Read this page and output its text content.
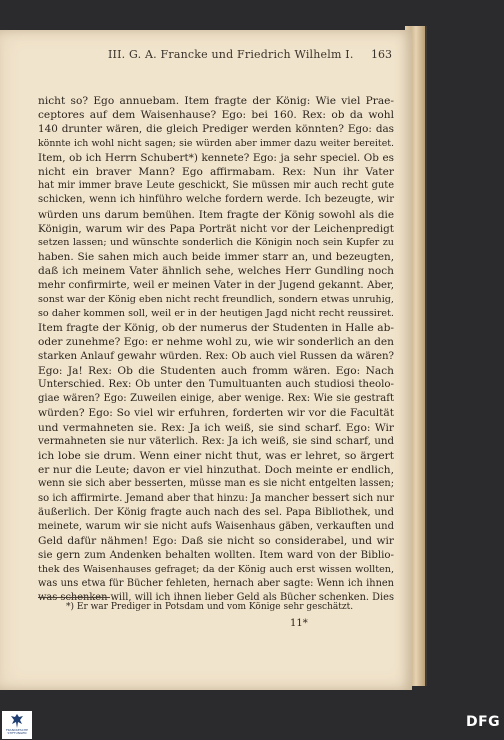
III. G. A. Francke und Friedrich Wilhelm I. 163

nicht so? Ego annuebam. Item fragte der König: Wie viel Prae-

ceptores auf dem Waisenhause? Ego: bei 160. Rex: ob da wohl

140 drunter wären, die gleich Prediger werden könnten? Ego: das

könnte ich wohl nicht sagen; sie würden aber immer dazu weiter bereitet.

Item, ob ich Herrn Schubert*) kennete? Ego: ja sehr speciel. Ob es

nicht ein braver Mann? Ego affirmabam. Rex: Nun ihr Vater

hat mir immer brave Leute geschickt, Sie müssen mir auch recht gute

schicken, wenn ich hinführo welche fordern werde. Ich bezeugte, wir

würden uns darum bemühen. Item fragte der König sowohl als die

Königin, warum wir des Papa Porträt nicht vor der Leichenpredigt

setzen lassen; und wünschte sonderlich die Königin noch sein Kupfer zu

haben. Sie sahen mich auch beide immer starr an, und bezeugten,

daß ich meinem Vater ähnlich sehe, welches Herr Gundling noch

mehr confirmirte, weil er meinen Vater in der Jugend gekannt. Aber,

sonst war der König eben nicht recht freundlich, sondern etwas unruhig,

so daher kommen soll, weil er in der heutigen Jagd nicht recht reussiret.

Item fragte der König, ob der numerus der Studenten in Halle ab-

oder zunehme? Ego: er nehme wohl zu, wie wir sonderlich an den

starken Anlauf gewahr würden. Rex: Ob auch viel Russen da wären?

Ego: Ja! Rex: Ob die Studenten auch fromm wären. Ego: Nach

Unterschied. Rex: Ob unter den Tumultuanten auch studiosi theolo-

giae wären? Ego: Zuweilen einige, aber wenige. Rex: Wie sie gestraft

würden? Ego: So viel wir erfuhren, forderten wir vor die Facultät

und vermahneten sie. Rex: Ja ich weiß, sie sind scharf. Ego: Wir

vermahneten sie nur väterlich. Rex: Ja ich weiß, sie sind scharf, und

ich lobe sie drum. Wenn einer nicht thut, was er lehret, so ärgert

er nur die Leute; davon er viel hinzuthat. Doch meinte er endlich,

wenn sie sich aber besserten, müsse man es sie nicht entgelten lassen;

so ich affirmirte. Jemand aber that hinzu: Ja mancher bessert sich nur

äußerlich. Der König fragte auch nach des sel. Papa Bibliothek, und

meinete, warum wir sie nicht aufs Waisenhaus gäben, verkauften und

Geld dafür nähmen! Ego: Daß sie nicht so considerabel, und wir

sie gern zum Andenken behalten wollten. Item ward von der Biblio-

thek des Waisenhauses gefraget; da der König auch erst wissen wollten,

was uns etwa für Bücher fehleten, hernach aber sagte: Wenn ich ihnen

was schenken will, will ich ihnen lieber Geld als Bücher schenken. Dies

*) Er war Prediger in Potsdam und vom Könige sehr geschätzt.
11*
FRANCKESCHE STIFTUNGEN
DFG
